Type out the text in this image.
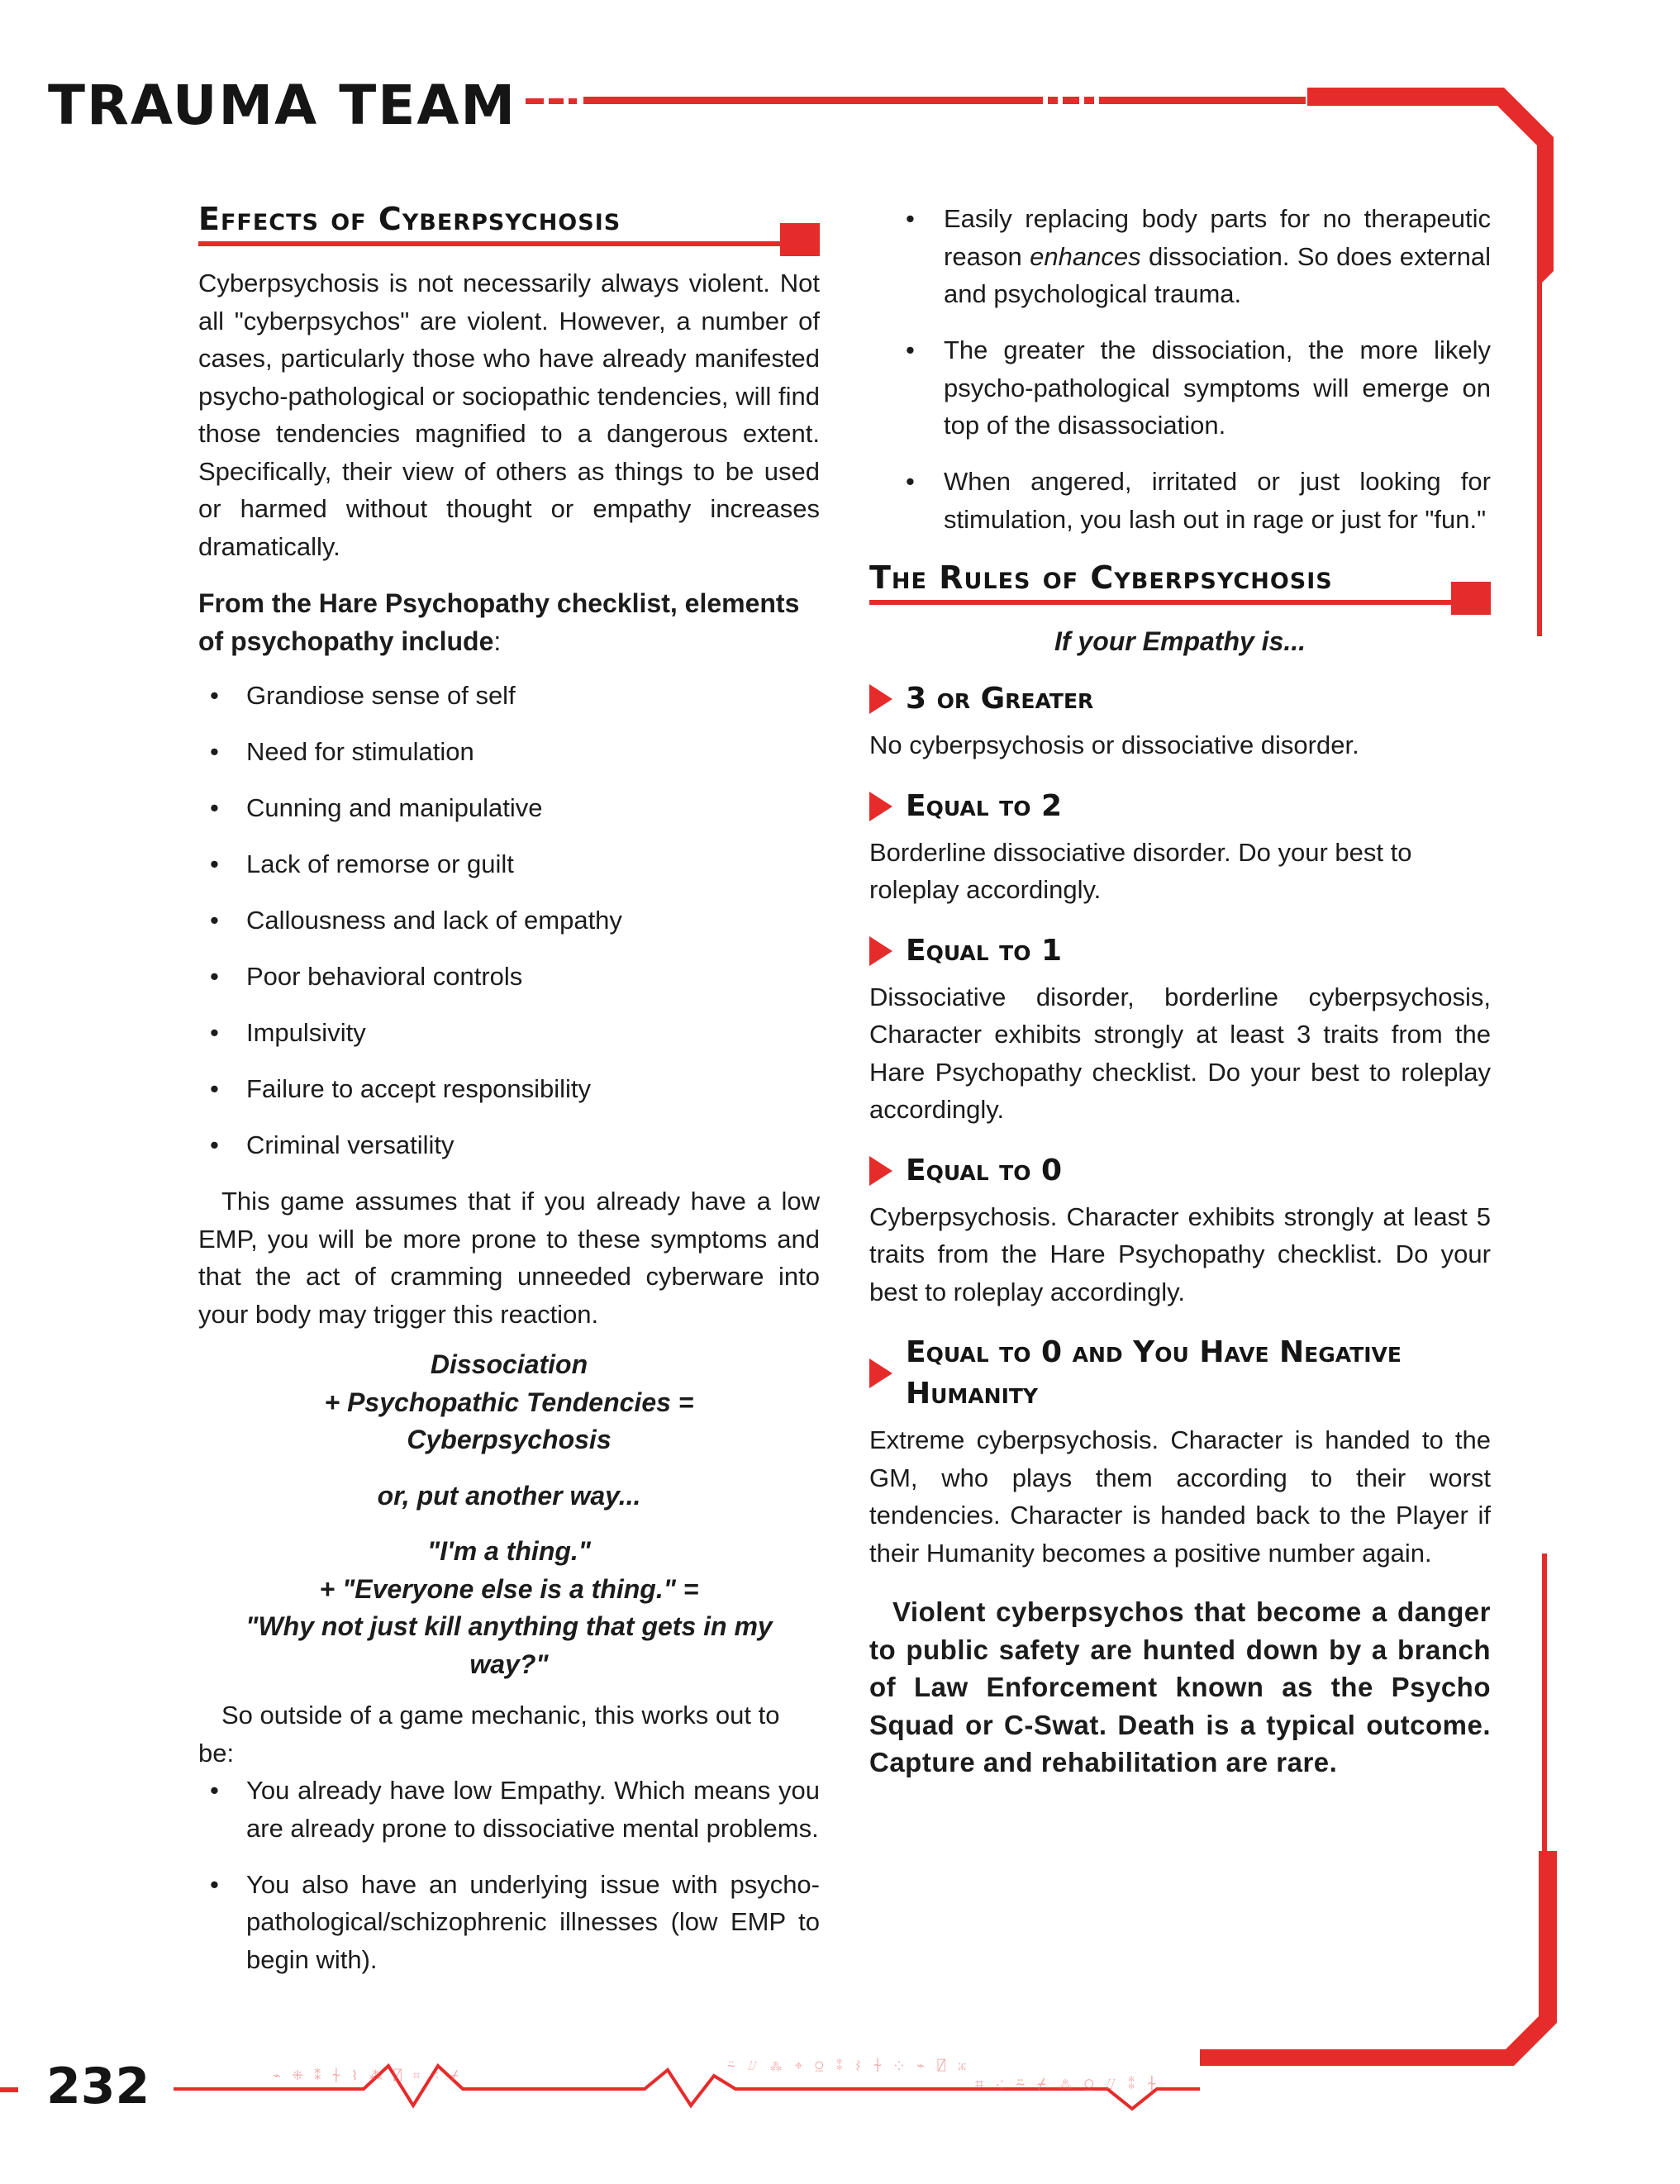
⌁ ⁜ ⁑ ⍭ ⌇ ⁂ ⍁ ⌗ ⁖ ⌿
⍨ ⌰ ⁂ ⌖ ⍜ ⁑ ⌇ ⍭ ⁘ ⌁ ⍁ ⁜
⌗ ⁖ ⍨ ⌿ ⁂ ⍜ ⌰ ⁑ ⍭
TRAUMA TEAM
232
Effects of Cyberpsychosis

Cyberpsychosis is not necessarily always violent. Not all "cyberpsychos" are violent. However, a number of cases, particularly those who have already manifested psycho-pathological or sociopathic tendencies, will find those tendencies magnified to a dangerous extent. Specifically, their view of others as things to be used or harmed without thought or empathy increases dramatically.

From the Hare Psychopathy checklist, elements of psychopathy include:

• Grandiose sense of self
• Need for stimulation
• Cunning and manipulative
• Lack of remorse or guilt
• Callousness and lack of empathy
• Poor behavioral controls
• Impulsivity
• Failure to accept responsibility
• Criminal versatility

This game assumes that if you already have a low EMP, you will be more prone to these symptoms and that the act of cramming unneeded cyberware into your body may trigger this reaction.

Dissociation
+ Psychopathic Tendencies =
Cyberpsychosis
or, put another way...
"I'm a thing."
+ "Everyone else is a thing." =
"Why not just kill anything that gets in my way?"

So outside of a game mechanic, this works out to be:

• You already have low Empathy. Which means you are already prone to dissociative mental problems.
• You also have an underlying issue with psycho-pathological/schizophrenic illnesses (low EMP to begin with).
• Easily replacing body parts for no therapeutic reason enhances dissociation. So does external and psychological trauma.
• The greater the dissociation, the more likely psycho-pathological symptoms will emerge on top of the disassociation.
• When angered, irritated or just looking for stimulation, you lash out in rage or just for "fun."
The Rules of Cyberpsychosis

If your Empathy is...

3 or Greater

No cyberpsychosis or dissociative disorder.

Equal to 2

Borderline dissociative disorder. Do your best to roleplay accordingly.

Equal to 1

Dissociative disorder, borderline cyberpsychosis, Character exhibits strongly at least 3 traits from the Hare Psychopathy checklist. Do your best to roleplay accordingly.

Equal to 0

Cyberpsychosis. Character exhibits strongly at least 5 traits from the Hare Psychopathy checklist. Do your best to roleplay accordingly.

Equal to 0 and You Have Negative Humanity

Extreme cyberpsychosis. Character is handed to the GM, who plays them according to their worst tendencies. Character is handed back to the Player if their Humanity becomes a positive number again.

Violent cyberpsychos that become a danger to public safety are hunted down by a branch of Law Enforcement known as the Psycho Squad or C-Swat. Death is a typical outcome. Capture and rehabilitation are rare.
